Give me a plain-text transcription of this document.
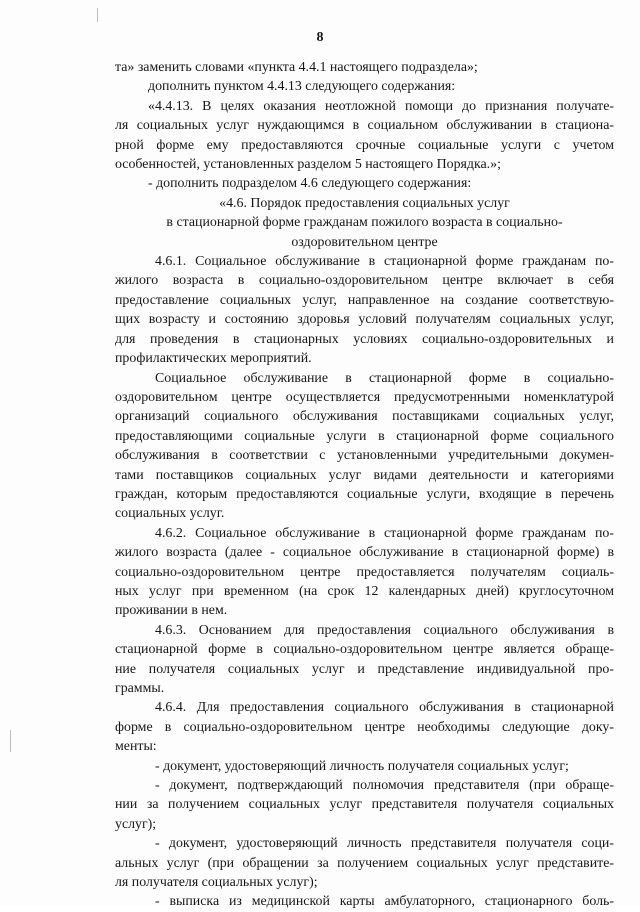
8
та» заменить словами «пункта 4.4.1 настоящего подраздела»;
дополнить пунктом 4.4.13 следующего содержания:
«4.4.13. В целях оказания неотложной помощи до признания получате-
ля социальных услуг нуждающимся в социальном обслуживании в стациона-
рной форме ему предоставляются срочные социальные услуги с учетом
особенностей, установленных разделом 5 настоящего Порядка.»;
- дополнить подразделом 4.6 следующего содержания:
«4.6. Порядок предоставления социальных услуг
в стационарной форме гражданам пожилого возраста в социально-
оздоровительном центре
4.6.1. Социальное обслуживание в стационарной форме гражданам по-
жилого возраста в социально-оздоровительном центре включает в себя
предоставление социальных услуг, направленное на создание соответствую-
щих возрасту и состоянию здоровья условий получателям социальных услуг,
для проведения в стационарных условиях социально-оздоровительных и
профилактических мероприятий.
Социальное обслуживание в стационарной форме в социально-
оздоровительном центре осуществляется предусмотренными номенклатурой
организаций социального обслуживания поставщиками социальных услуг,
предоставляющими социальные услуги в стационарной форме социального
обслуживания в соответствии с установленными учредительными докумен-
тами поставщиков социальных услуг видами деятельности и категориями
граждан, которым предоставляются социальные услуги, входящие в перечень
социальных услуг.
4.6.2. Социальное обслуживание в стационарной форме гражданам по-
жилого возраста (далее - социальное обслуживание в стационарной форме) в
социально-оздоровительном центре предоставляется получателям социаль-
ных услуг при временном (на срок 12 календарных дней) круглосуточном
проживании в нем.
4.6.3. Основанием для предоставления социального обслуживания в
стационарной форме в социально-оздоровительном центре является обраще-
ние получателя социальных услуг и представление индивидуальной про-
граммы.
4.6.4. Для предоставления социального обслуживания в стационарной
форме в социально-оздоровительном центре необходимы следующие доку-
менты:
- документ, удостоверяющий личность получателя социальных услуг;
- документ, подтверждающий полномочия представителя (при обраще-
нии за получением социальных услуг представителя получателя социальных
услуг);
- документ, удостоверяющий личность представителя получателя соци-
альных услуг (при обращении за получением социальных услуг представите-
ля получателя социальных услуг);
- выписка из медицинской карты амбулаторного, стационарного боль-
